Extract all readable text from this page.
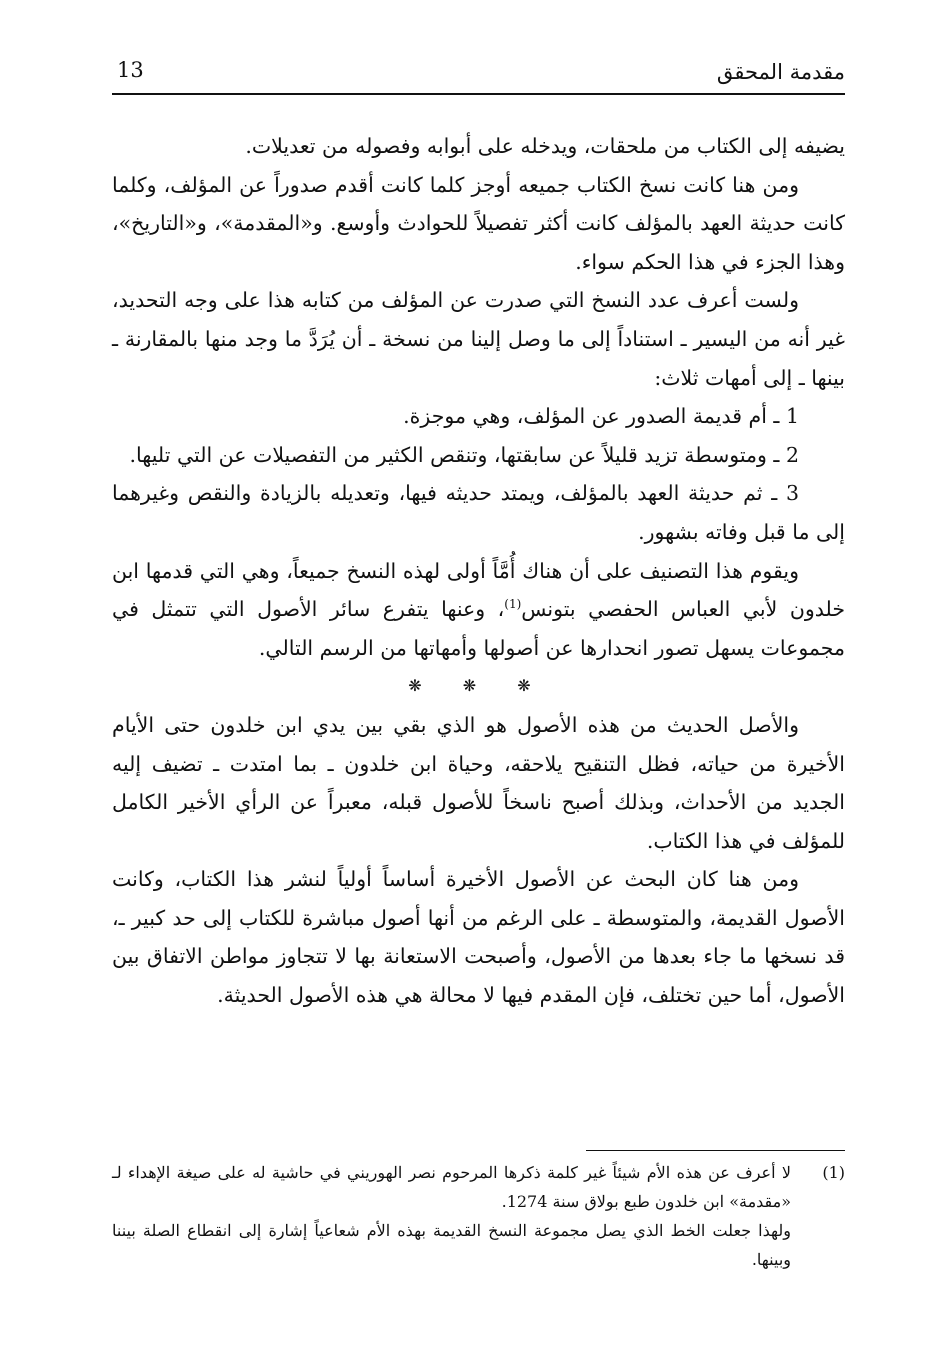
13	مقدمة المحقق

يضيفه إلى الكتاب من ملحقات، ويدخله على أبوابه وفصوله من تعديلات.

ومن هنا كانت نسخ الكتاب جميعه أوجز كلما كانت أقدم صدوراً عن المؤلف، وكلما كانت حديثة العهد بالمؤلف كانت أكثر تفصيلاً للحوادث وأوسع. و«المقدمة»، و«التاريخ»، وهذا الجزء في هذا الحكم سواء.

ولست أعرف عدد النسخ التي صدرت عن المؤلف من كتابه هذا على وجه التحديد، غير أنه من اليسير ـ استناداً إلى ما وصل إلينا من نسخة ـ أن يُرَدَّ ما وجد منها بالمقارنة ـ بينها ـ إلى أمهات ثلاث:

1 ـ أم قديمة الصدور عن المؤلف، وهي موجزة.

2 ـ ومتوسطة تزيد قليلاً عن سابقتها، وتنقص الكثير من التفصيلات عن التي تليها.

3 ـ ثم حديثة العهد بالمؤلف، ويمتد حديثه فيها، وتعديله بالزيادة والنقص وغيرهما إلى ما قبل وفاته بشهور.

ويقوم هذا التصنيف على أن هناك أُمَّاً أولى لهذه النسخ جميعاً، وهي التي قدمها ابن خلدون لأبي العباس الحفصي بتونس$^{(1)}$، وعنها يتفرع سائر الأصول التي تتمثل في مجموعات يسهل تصور انحدارها عن أصولها وأمهاتها من الرسم التالي.

❋ ❋ ❋

والأصل الحديث من هذه الأصول هو الذي بقي بين يدي ابن خلدون حتى الأيام الأخيرة من حياته، فظل التنقيح يلاحقه، وحياة ابن خلدون ـ بما امتدت ـ تضيف إليه الجديد من الأحداث، وبذلك أصبح ناسخاً للأصول قبله، معبراً عن الرأي الأخير الكامل للمؤلف في هذا الكتاب.

ومن هنا كان البحث عن الأصول الأخيرة أساساً أولياً لنشر هذا الكتاب، وكانت الأصول القديمة، والمتوسطة ـ على الرغم من أنها أصول مباشرة للكتاب إلى حد كبير ـ، قد نسخها ما جاء بعدها من الأصول، وأصبحت الاستعانة بها لا تتجاوز مواطن الاتفاق بين الأصول، أما حين تختلف، فإن المقدم فيها لا محالة هي هذه الأصول الحديثة.

(1)

لا أعرف عن هذه الأم شيئاً غير كلمة ذكرها المرحوم نصر الهوريني في حاشية له على صيغة الإهداء لـ «مقدمة» ابن خلدون طبع بولاق سنة 1274.

ولهذا جعلت الخط الذي يصل مجموعة النسخ القديمة بهذه الأم شعاعياً إشارة إلى انقطاع الصلة بيننا وبينها.
